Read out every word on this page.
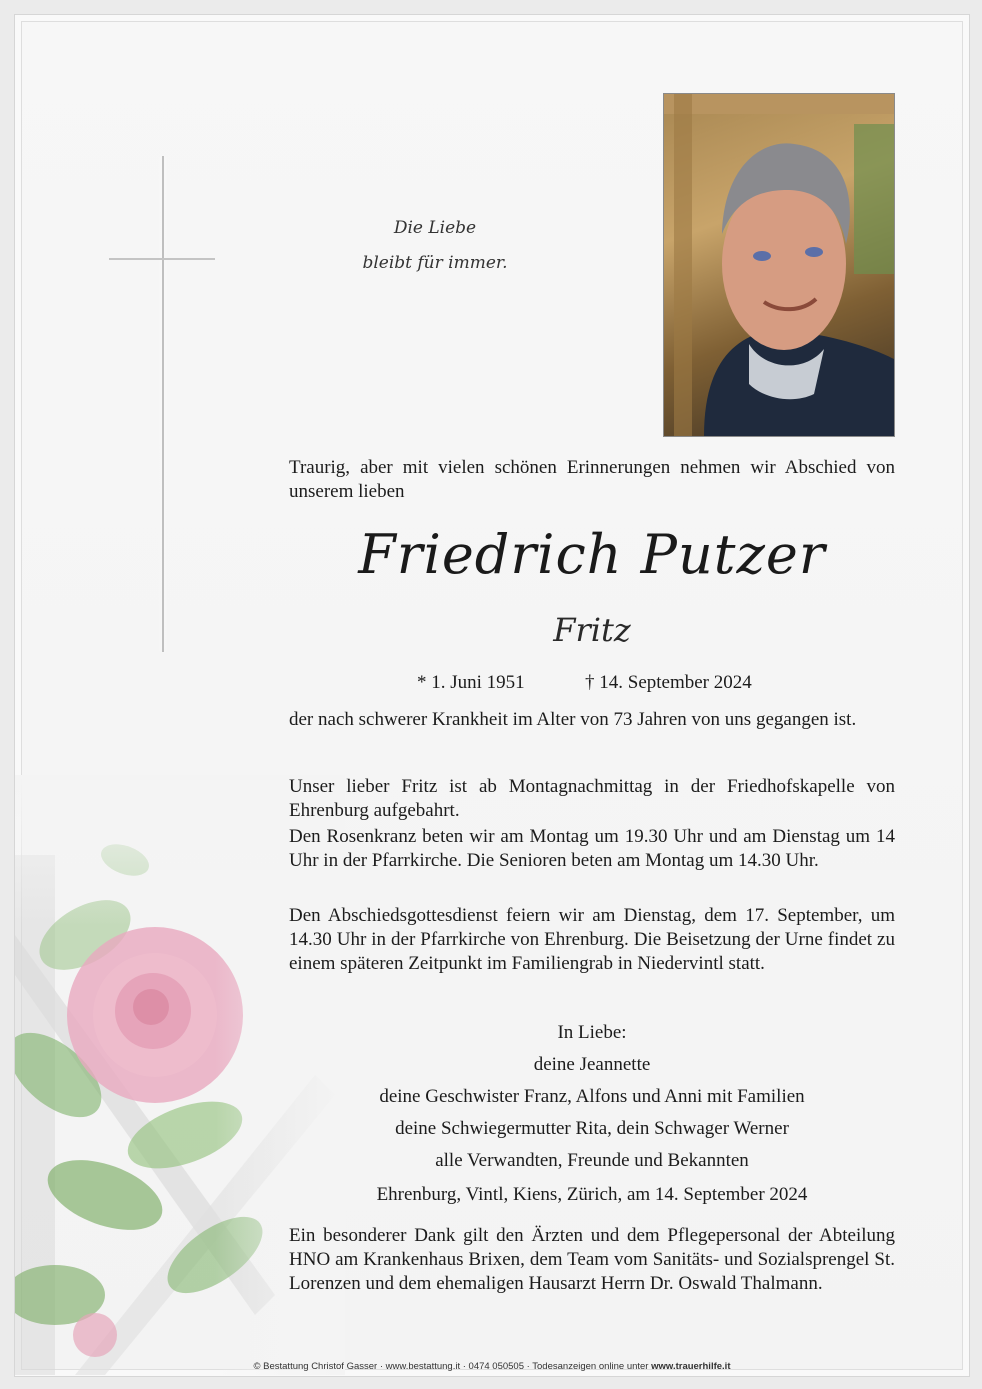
Die Liebe
bleibt für immer.
Traurig, aber mit vielen schönen Erinnerungen nehmen wir Abschied von unserem lieben
Friedrich Putzer
Fritz
* 1. Juni 1951	† 14. September 2024
der nach schwerer Krankheit im Alter von 73 Jahren von uns gegangen ist.
Unser lieber Fritz ist ab Montagnachmittag in der Friedhofskapelle von Ehrenburg aufgebahrt.
Den Rosenkranz beten wir am Montag um 19.30 Uhr und am Dienstag um 14 Uhr in der Pfarrkirche. Die Senioren beten am Montag um 14.30 Uhr.
Den Abschiedsgottesdienst feiern wir am Dienstag, dem 17. September, um 14.30 Uhr in der Pfarrkirche von Ehrenburg. Die Beisetzung der Urne findet zu einem späteren Zeitpunkt im Familiengrab in Niedervintl statt.
In Liebe:
deine Jeannette
deine Geschwister Franz, Alfons und Anni mit Familien
deine Schwiegermutter Rita, dein Schwager Werner
alle Verwandten, Freunde und Bekannten
Ehrenburg, Vintl, Kiens, Zürich, am 14. September 2024
Ein besonderer Dank gilt den Ärzten und dem Pflegepersonal der Abteilung HNO am Krankenhaus Brixen, dem Team vom Sanitäts- und Sozialsprengel St. Lorenzen und dem ehemaligen Hausarzt Herrn Dr. Oswald Thalmann.
© Bestattung Christof Gasser · www.bestattung.it · 0474 050505 · Todesanzeigen online unter www.trauerhilfe.it
